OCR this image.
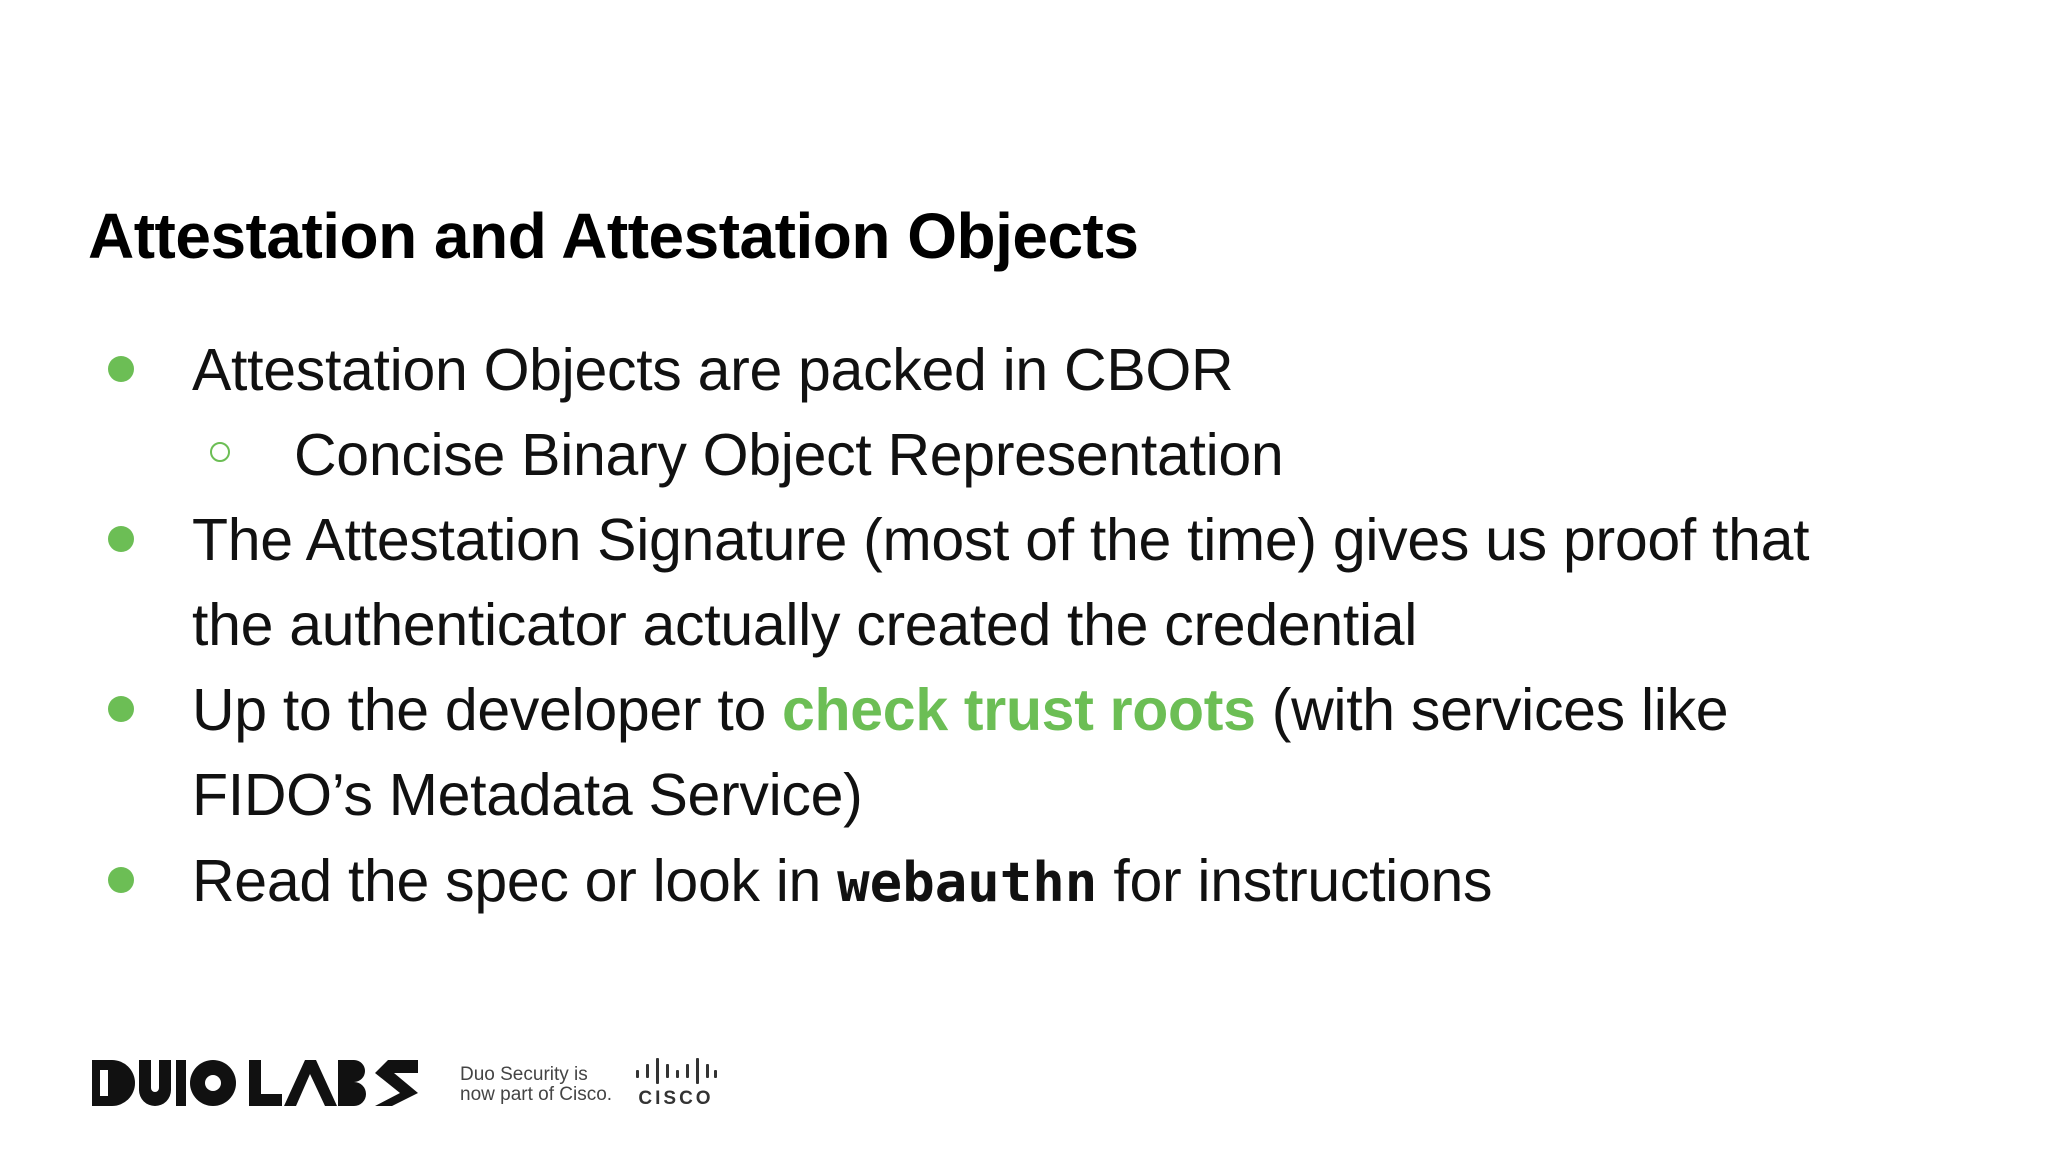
Attestation and Attestation Objects
Attestation Objects are packed in CBOR
Concise Binary Object Representation
The Attestation Signature (most of the time) gives us proof that
the authenticator actually created the credential
Up to the developer to check trust roots (with services like
FIDO’s Metadata Service)
Read the spec or look in webauthn for instructions
Duo Security is
now part of Cisco. CISCO
